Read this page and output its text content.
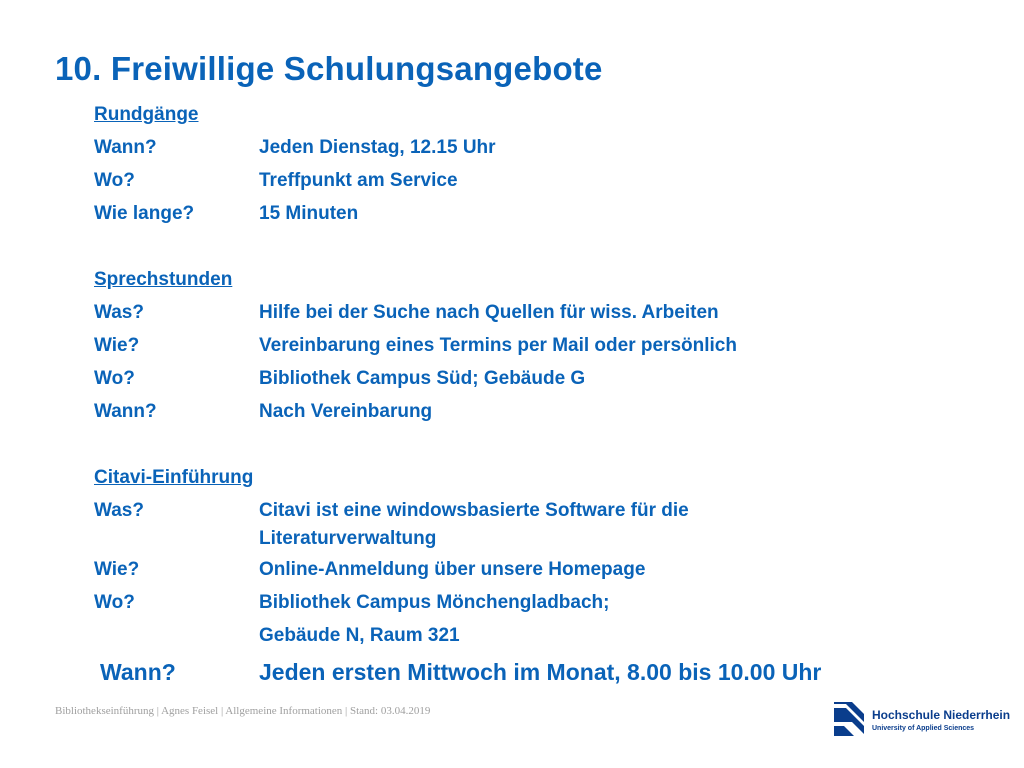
10. Freiwillige Schulungsangebote
Rundgänge
Wann?	Jeden Dienstag, 12.15 Uhr
Wo?	Treffpunkt am Service
Wie lange?	15 Minuten
Sprechstunden
Was?	Hilfe bei der Suche nach Quellen für wiss. Arbeiten
Wie?	Vereinbarung eines Termins per Mail oder persönlich
Wo?	Bibliothek Campus Süd; Gebäude G
Wann?	Nach Vereinbarung
Citavi-Einführung
Was?	Citavi ist eine windowsbasierte Software für die
Literaturverwaltung
Wie?	Online-Anmeldung über unsere Homepage
Wo?	Bibliothek Campus Mönchengladbach;
Gebäude N, Raum 321
Wann?	Jeden ersten Mittwoch im Monat, 8.00 bis 10.00 Uhr
Bibliothekseinführung | Agnes Feisel | Allgemeine Informationen | Stand: 03.04.2019	Hochschule Niederrhein
University of Applied Sciences
